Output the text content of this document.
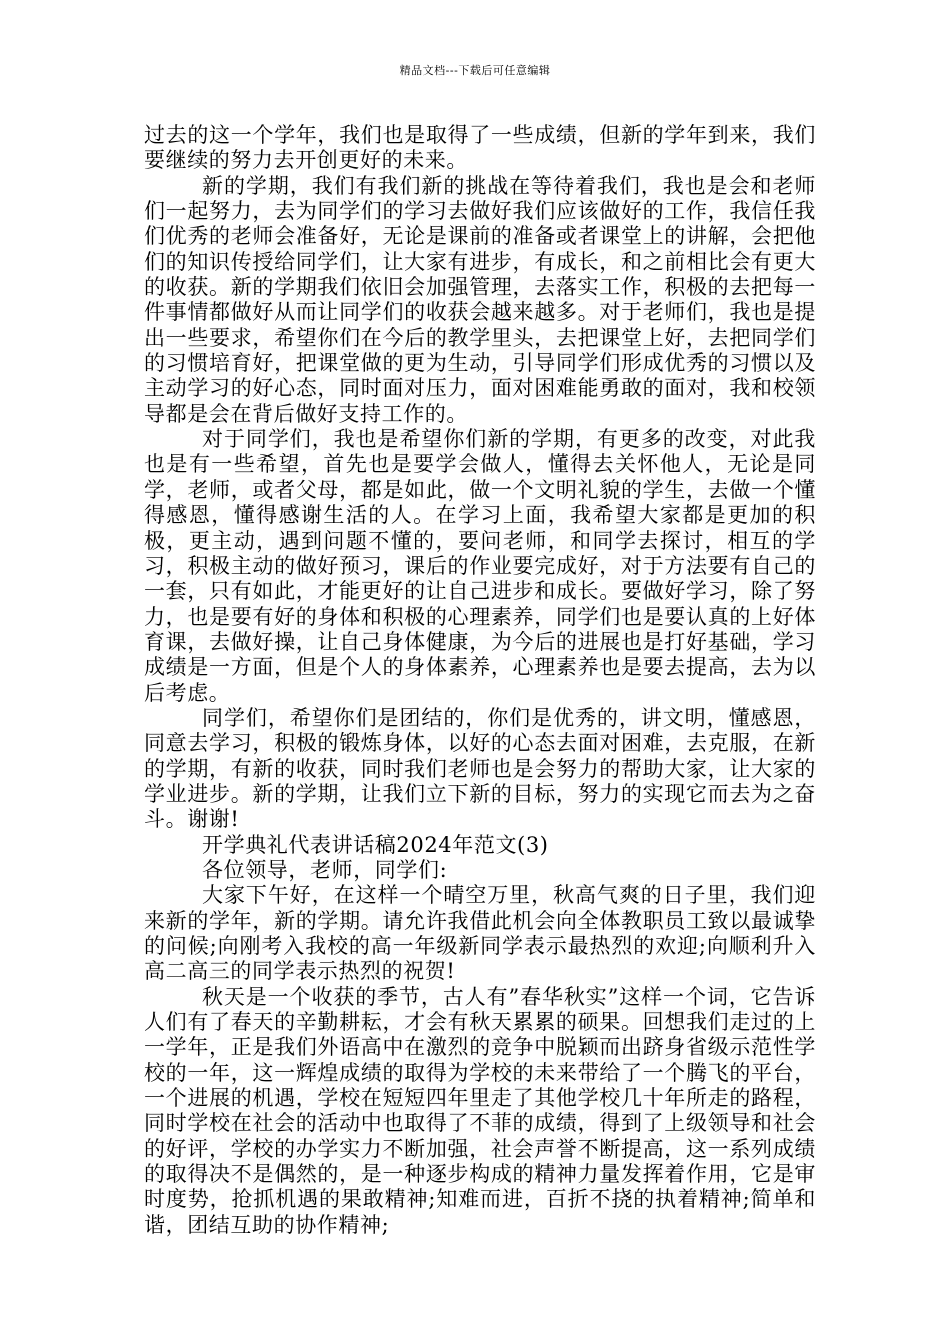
精品文档---下载后可任意编辑

过去的这一个学年，我们也是取得了一些成绩，但新的学年到来，我们要继续的努力去开创更好的未来。

新的学期，我们有我们新的挑战在等待着我们，我也是会和老师们一起努力，去为同学们的学习去做好我们应该做好的工作，我信任我们优秀的老师会准备好，无论是课前的准备或者课堂上的讲解，会把他们的知识传授给同学们，让大家有进步，有成长，和之前相比会有更大的收获。新的学期我们依旧会加强管理，去落实工作，积极的去把每一件事情都做好从而让同学们的收获会越来越多。对于老师们，我也是提出一些要求，希望你们在今后的教学里头，去把课堂上好，去把同学们的习惯培育好，把课堂做的更为生动，引导同学们形成优秀的习惯以及主动学习的好心态，同时面对压力，面对困难能勇敢的面对，我和校领导都是会在背后做好支持工作的。

对于同学们，我也是希望你们新的学期，有更多的改变，对此我也是有一些希望，首先也是要学会做人，懂得去关怀他人，无论是同学，老师，或者父母，都是如此，做一个文明礼貌的学生，去做一个懂得感恩，懂得感谢生活的人。在学习上面，我希望大家都是更加的积极，更主动，遇到问题不懂的，要问老师，和同学去探讨，相互的学习，积极主动的做好预习，课后的作业要完成好，对于方法要有自己的一套，只有如此，才能更好的让自己进步和成长。要做好学习，除了努力，也是要有好的身体和积极的心理素养，同学们也是要认真的上好体育课，去做好操，让自己身体健康，为今后的进展也是打好基础，学习成绩是一方面，但是个人的身体素养，心理素养也是要去提高，去为以后考虑。

同学们，希望你们是团结的，你们是优秀的，讲文明，懂感恩，同意去学习，积极的锻炼身体，以好的心态去面对困难，去克服，在新的学期，有新的收获，同时我们老师也是会努力的帮助大家，让大家的学业进步。新的学期，让我们立下新的目标，努力的实现它而去为之奋斗。谢谢!

开学典礼代表讲话稿2024年范文(3)

各位领导，老师，同学们:

大家下午好，在这样一个晴空万里，秋高气爽的日子里，我们迎来新的学年，新的学期。请允许我借此机会向全体教职员工致以最诚挚的问候;向刚考入我校的高一年级新同学表示最热烈的欢迎;向顺利升入高二高三的同学表示热烈的祝贺!

秋天是一个收获的季节，古人有”春华秋实”这样一个词，它告诉人们有了春天的辛勤耕耘，才会有秋天累累的硕果。回想我们走过的上一学年，正是我们外语高中在激烈的竞争中脱颖而出跻身省级示范性学校的一年，这一辉煌成绩的取得为学校的未来带给了一个腾飞的平台，一个进展的机遇，学校在短短四年里走了其他学校几十年所走的路程，同时学校在社会的活动中也取得了不菲的成绩，得到了上级领导和社会的好评，学校的办学实力不断加强，社会声誉不断提高，这一系列成绩的取得决不是偶然的，是一种逐步构成的精神力量发挥着作用，它是审时度势，抢抓机遇的果敢精神;知难而进，百折不挠的执着精神;简单和谐，团结互助的协作精神;
